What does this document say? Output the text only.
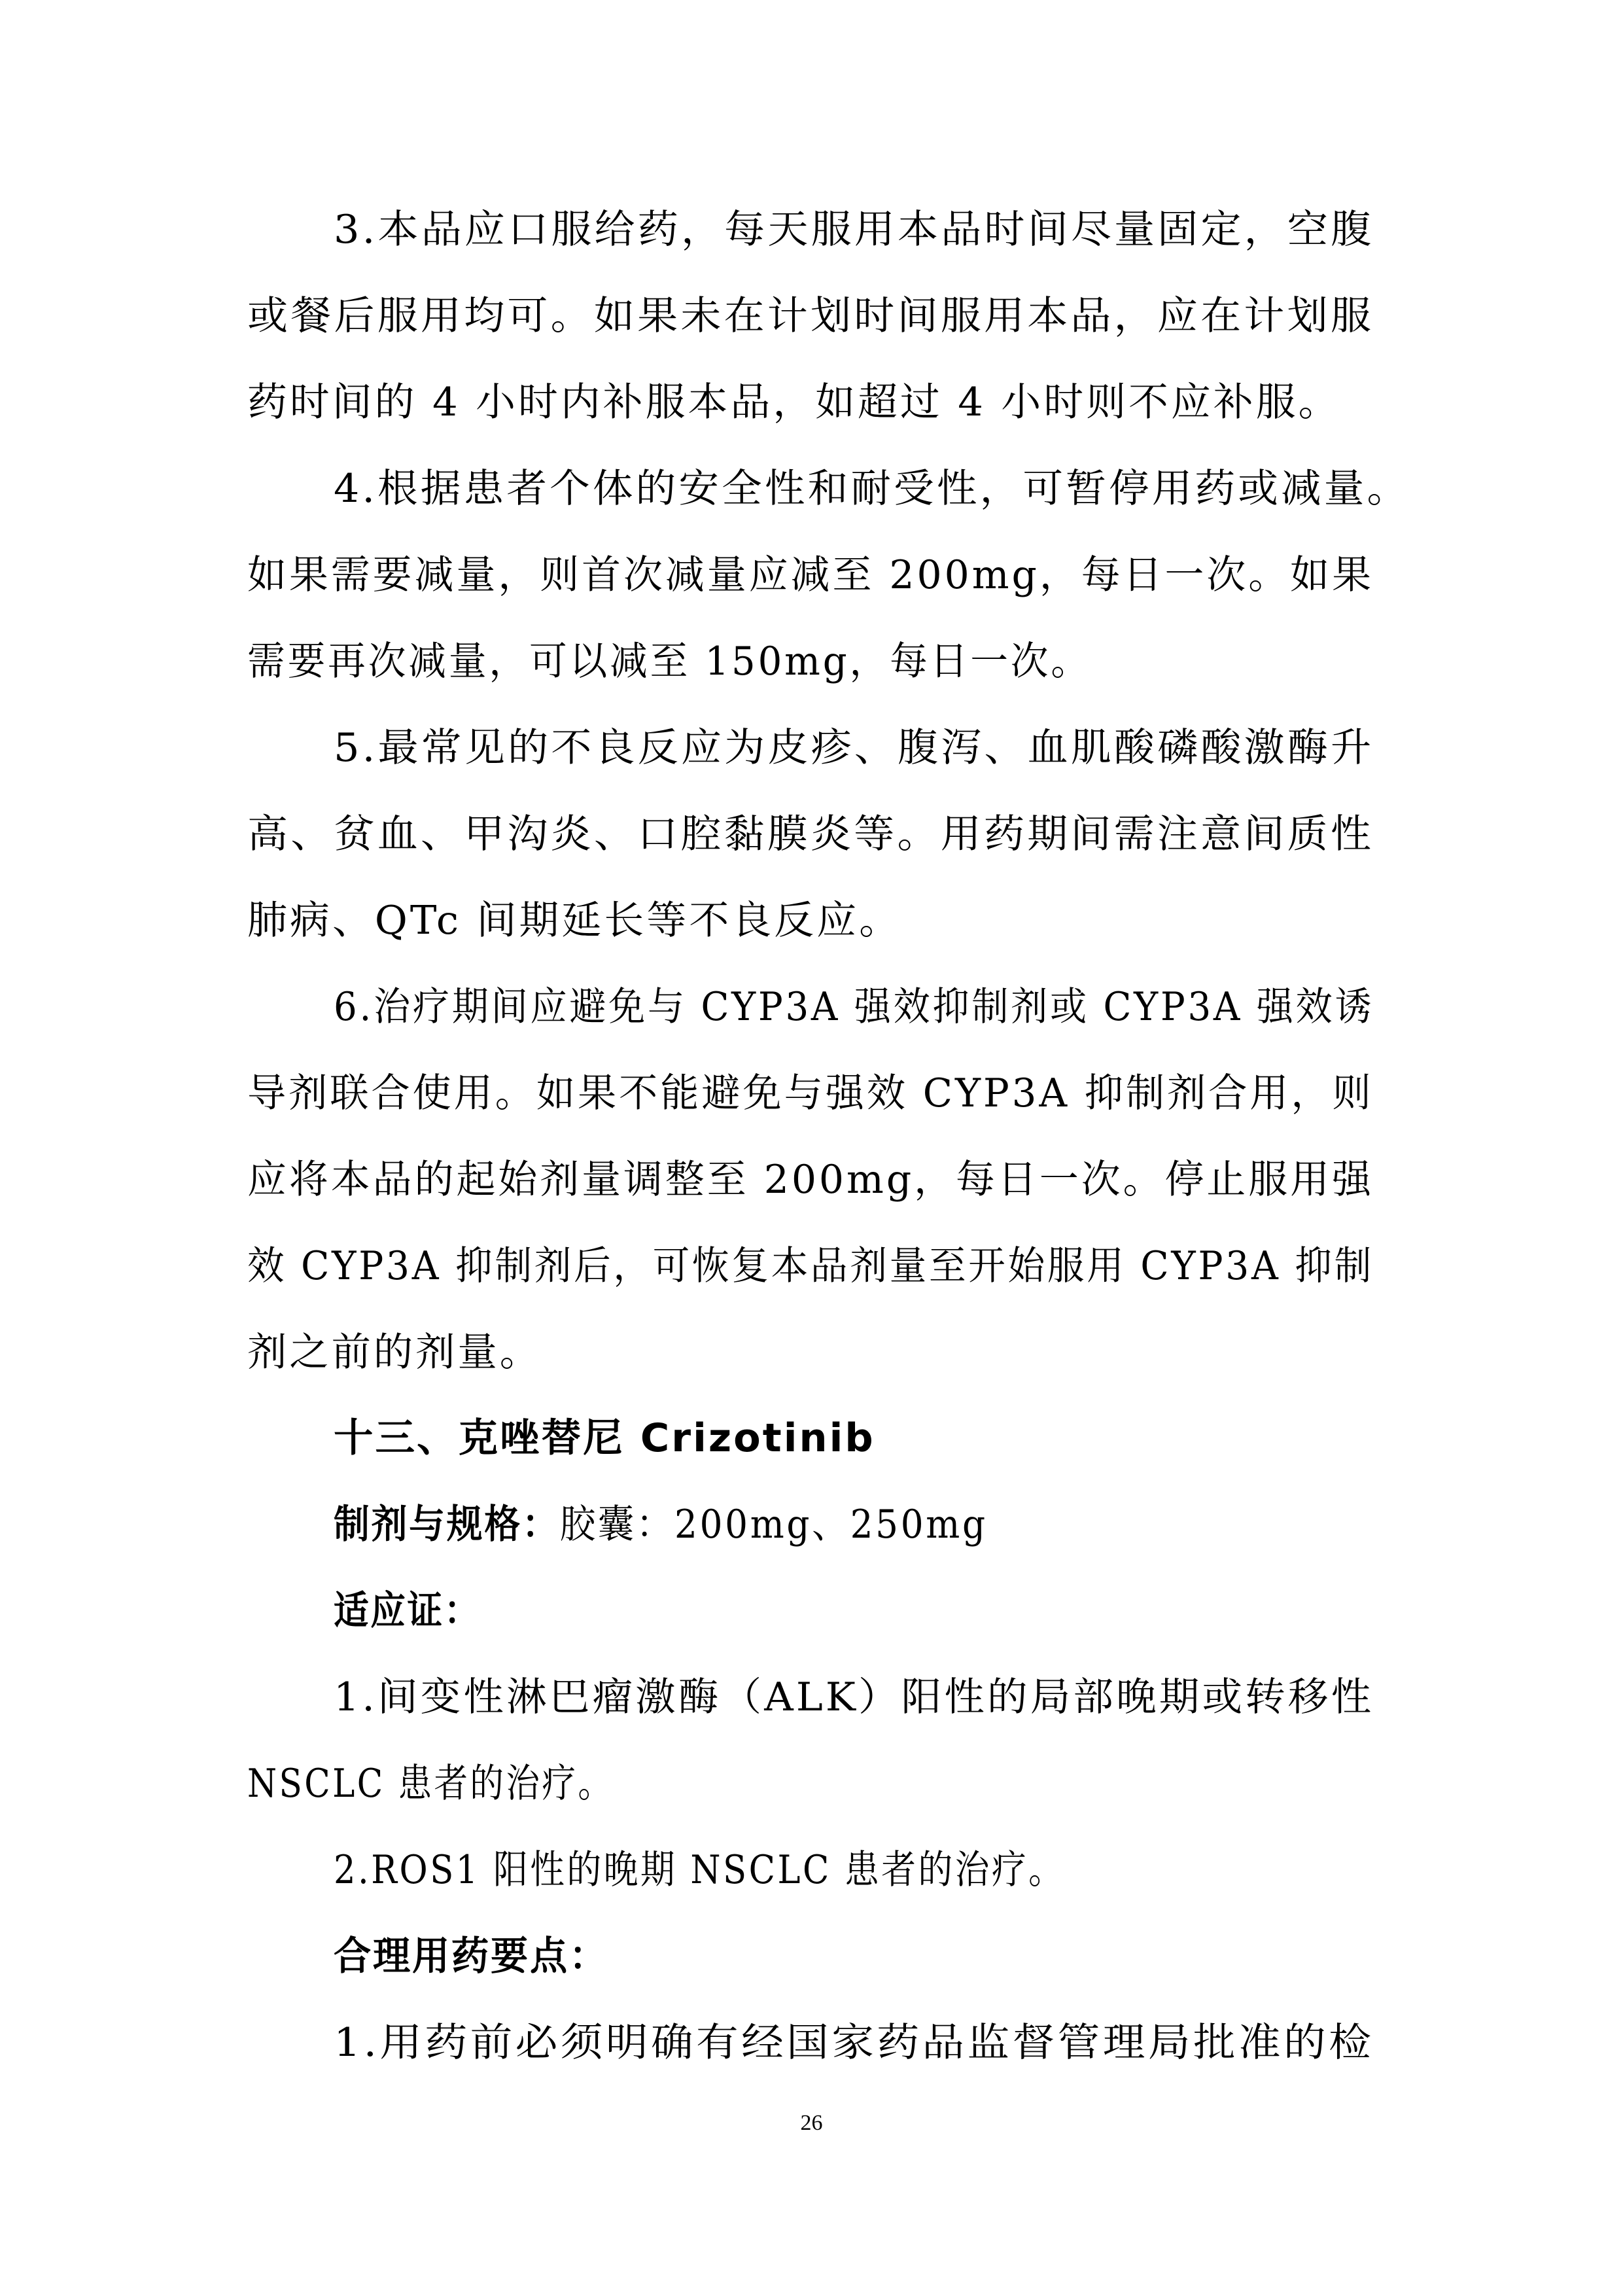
3.本品应口服给药，每天服用本品时间尽量固定，空腹
或餐后服用均可。如果未在计划时间服用本品，应在计划服
药时间的 4 小时内补服本品，如超过 4 小时则不应补服。
4.根据患者个体的安全性和耐受性，可暂停用药或减量。
如果需要减量，则首次减量应减至 200mg，每日一次。如果
需要再次减量，可以减至 150mg，每日一次。
5.最常见的不良反应为皮疹、腹泻、血肌酸磷酸激酶升
高、贫血、甲沟炎、口腔黏膜炎等。用药期间需注意间质性
肺病、QTc 间期延长等不良反应。
6.治疗期间应避免与 CYP3A 强效抑制剂或 CYP3A 强效诱
导剂联合使用。如果不能避免与强效 CYP3A 抑制剂合用，则
应将本品的起始剂量调整至 200mg，每日一次。停止服用强
效 CYP3A 抑制剂后，可恢复本品剂量至开始服用 CYP3A 抑制
剂之前的剂量。
十三、克唑替尼 Crizotinib
制剂与规格：胶囊：200mg、250mg
适应证：
1.间变性淋巴瘤激酶（ALK）阳性的局部晚期或转移性
NSCLC 患者的治疗。
2.ROS1 阳性的晚期 NSCLC 患者的治疗。
合理用药要点：
1.用药前必须明确有经国家药品监督管理局批准的检
26
